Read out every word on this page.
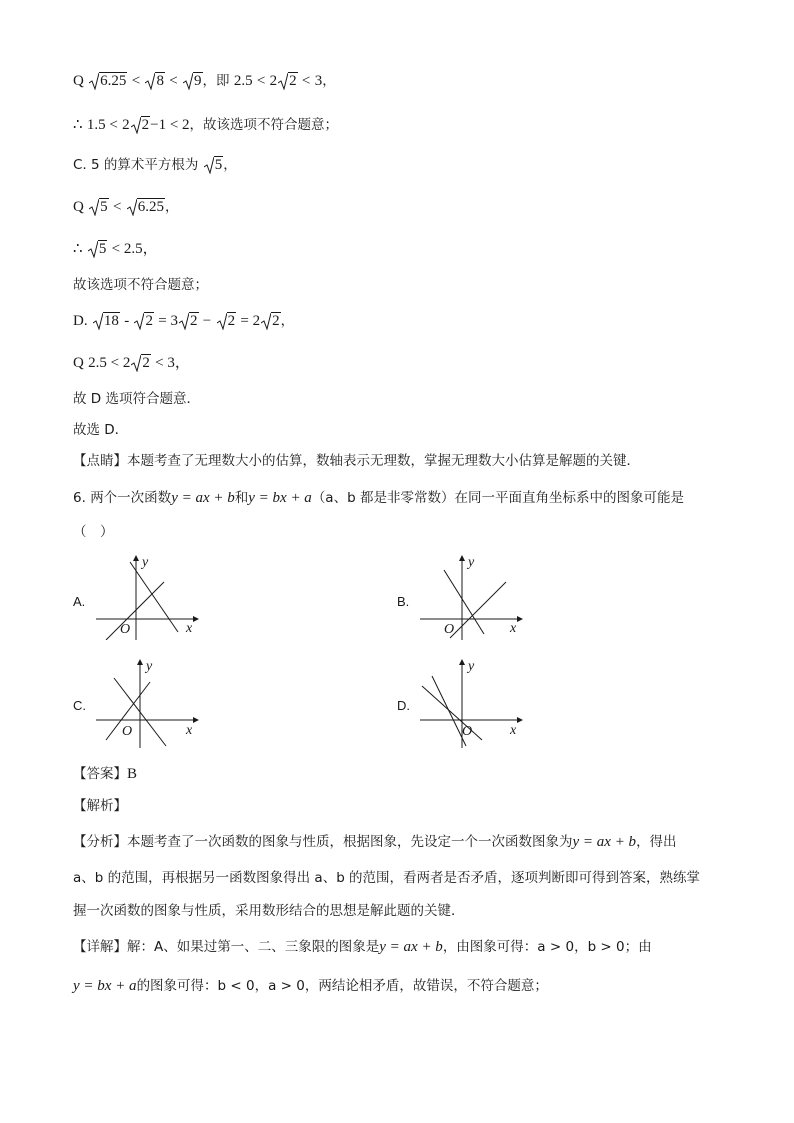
Q 6.25 < 8 < 9，即 2.5 < 2 2 < 3，
∴ 1.5 < 2 2−1 < 2，故该选项不符合题意；
C. 5 的算术平方根为 5，
Q 5 < 6.25，
∴ 5 < 2.5，
故该选项不符合题意；
D. 18 - 2 = 3 2 − 2 = 2 2，
Q 2.5 < 2 2 < 3，
故 D 选项符合题意．
故选 D．
【点睛】本题考查了无理数大小的估算，数轴表示无理数，掌握无理数大小估算是解题的关键．
6. 两个一次函数y = ax + b和y = bx + a（a、b 都是非零常数）在同一平面直角坐标系中的图象可能是
（　）
A.	B.
C.	D.
y
x
O
y
x
O
y
x
O
y
x
O
【答案】B
【解析】
【分析】本题考查了一次函数的图象与性质，根据图象，先设定一个一次函数图象为y = ax + b，得出
a、b 的范围，再根据另一函数图象得出 a、b 的范围，看两者是否矛盾，逐项判断即可得到答案，熟练掌
握一次函数的图象与性质，采用数形结合的思想是解此题的关键．
【详解】解：A、如果过第一、二、三象限的图象是y = ax + b，由图象可得：a > 0，b > 0；由
y = bx + a的图象可得：b < 0，a > 0，两结论相矛盾，故错误，不符合题意；
